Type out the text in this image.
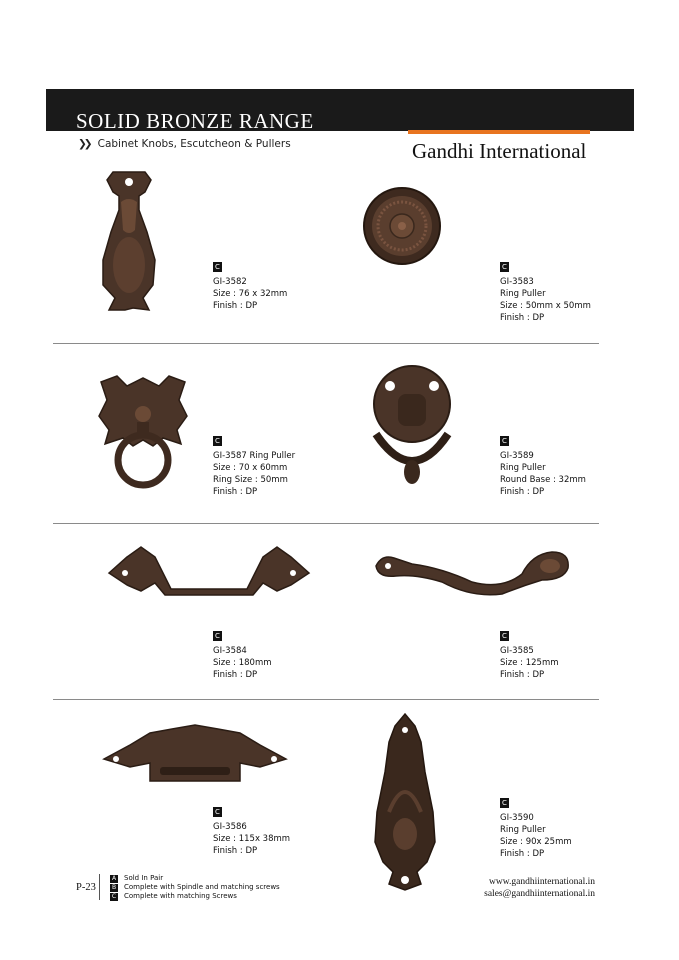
SOLID BRONZE RANGE
❯❯ Cabinet Knobs, Escutcheon & Pullers	Gandhi International
C
GI-3582
Size : 76 x 32mm
Finish : DP
C
GI-3583
Ring Puller
Size : 50mm x 50mm
Finish : DP
C
GI-3587 Ring Puller
Size : 70 x 60mm
Ring Size : 50mm
Finish : DP
C
GI-3589
Ring Puller
Round Base : 32mm
Finish : DP
C
GI-3584
Size : 180mm
Finish : DP
C
GI-3585
Size : 125mm
Finish : DP
C
GI-3586
Size : 115x 38mm
Finish : DP
C
GI-3590
Ring Puller
Size : 90x 25mm
Finish : DP
P-23
A Sold In Pair
B Complete with Spindle and matching screws
C Complete with matching Screws
www.gandhiinternational.in
sales@gandhiinternational.in
